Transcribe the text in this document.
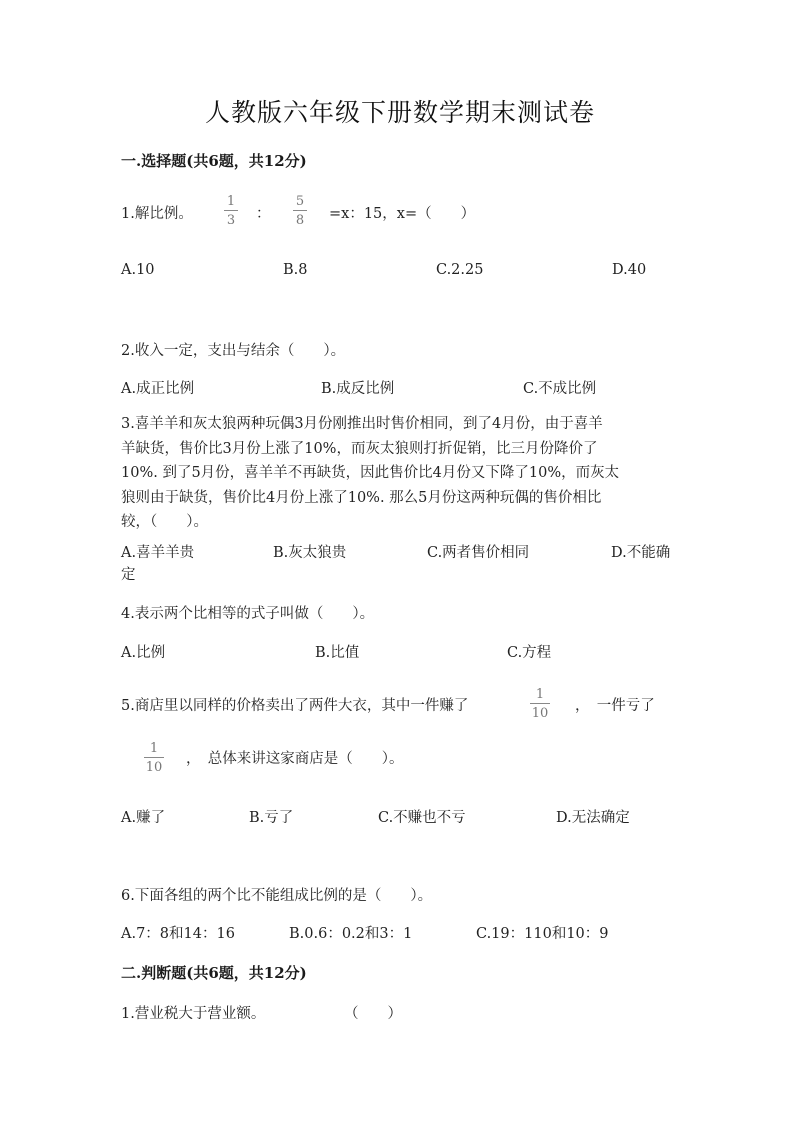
人教版六年级下册数学期末测试卷
一.选择题(共6题，共12分)
1.解比例。
1
3 ：
5
8 =x：15，x=（　　）
A.10	B.8	C.2.25	D.40
2.收入一定，支出与结余（　　）。
A.成正比例	B.成反比例	C.不成比例
3.喜羊羊和灰太狼两种玩偶3月份刚推出时售价相同，到了4月份，由于喜羊
羊缺货，售价比3月份上涨了10%，而灰太狼则打折促销，比三月份降价了
10%. 到了5月份，喜羊羊不再缺货，因此售价比4月份又下降了10%，而灰太
狼则由于缺货，售价比4月份上涨了10%. 那么5月份这两种玩偶的售价相比
较，（　　）。
A.喜羊羊贵	B.灰太狼贵	C.两者售价相同	D.不能确
定
4.表示两个比相等的式子叫做（　　）。
A.比例	B.比值	C.方程
5.商店里以同样的价格卖出了两件大衣，其中一件赚了
1
10 ，　一件亏了
1
10
，　总体来讲这家商店是（　　）。
A.赚了	B.亏了	C.不赚也不亏	D.无法确定
6.下面各组的两个比不能组成比例的是（　　）。
A.7：8和14：16	B.0.6：0.2和3：1	C.19：110和10：9
二.判断题(共6题，共12分)
1.营业税大于营业额。	（　　）
